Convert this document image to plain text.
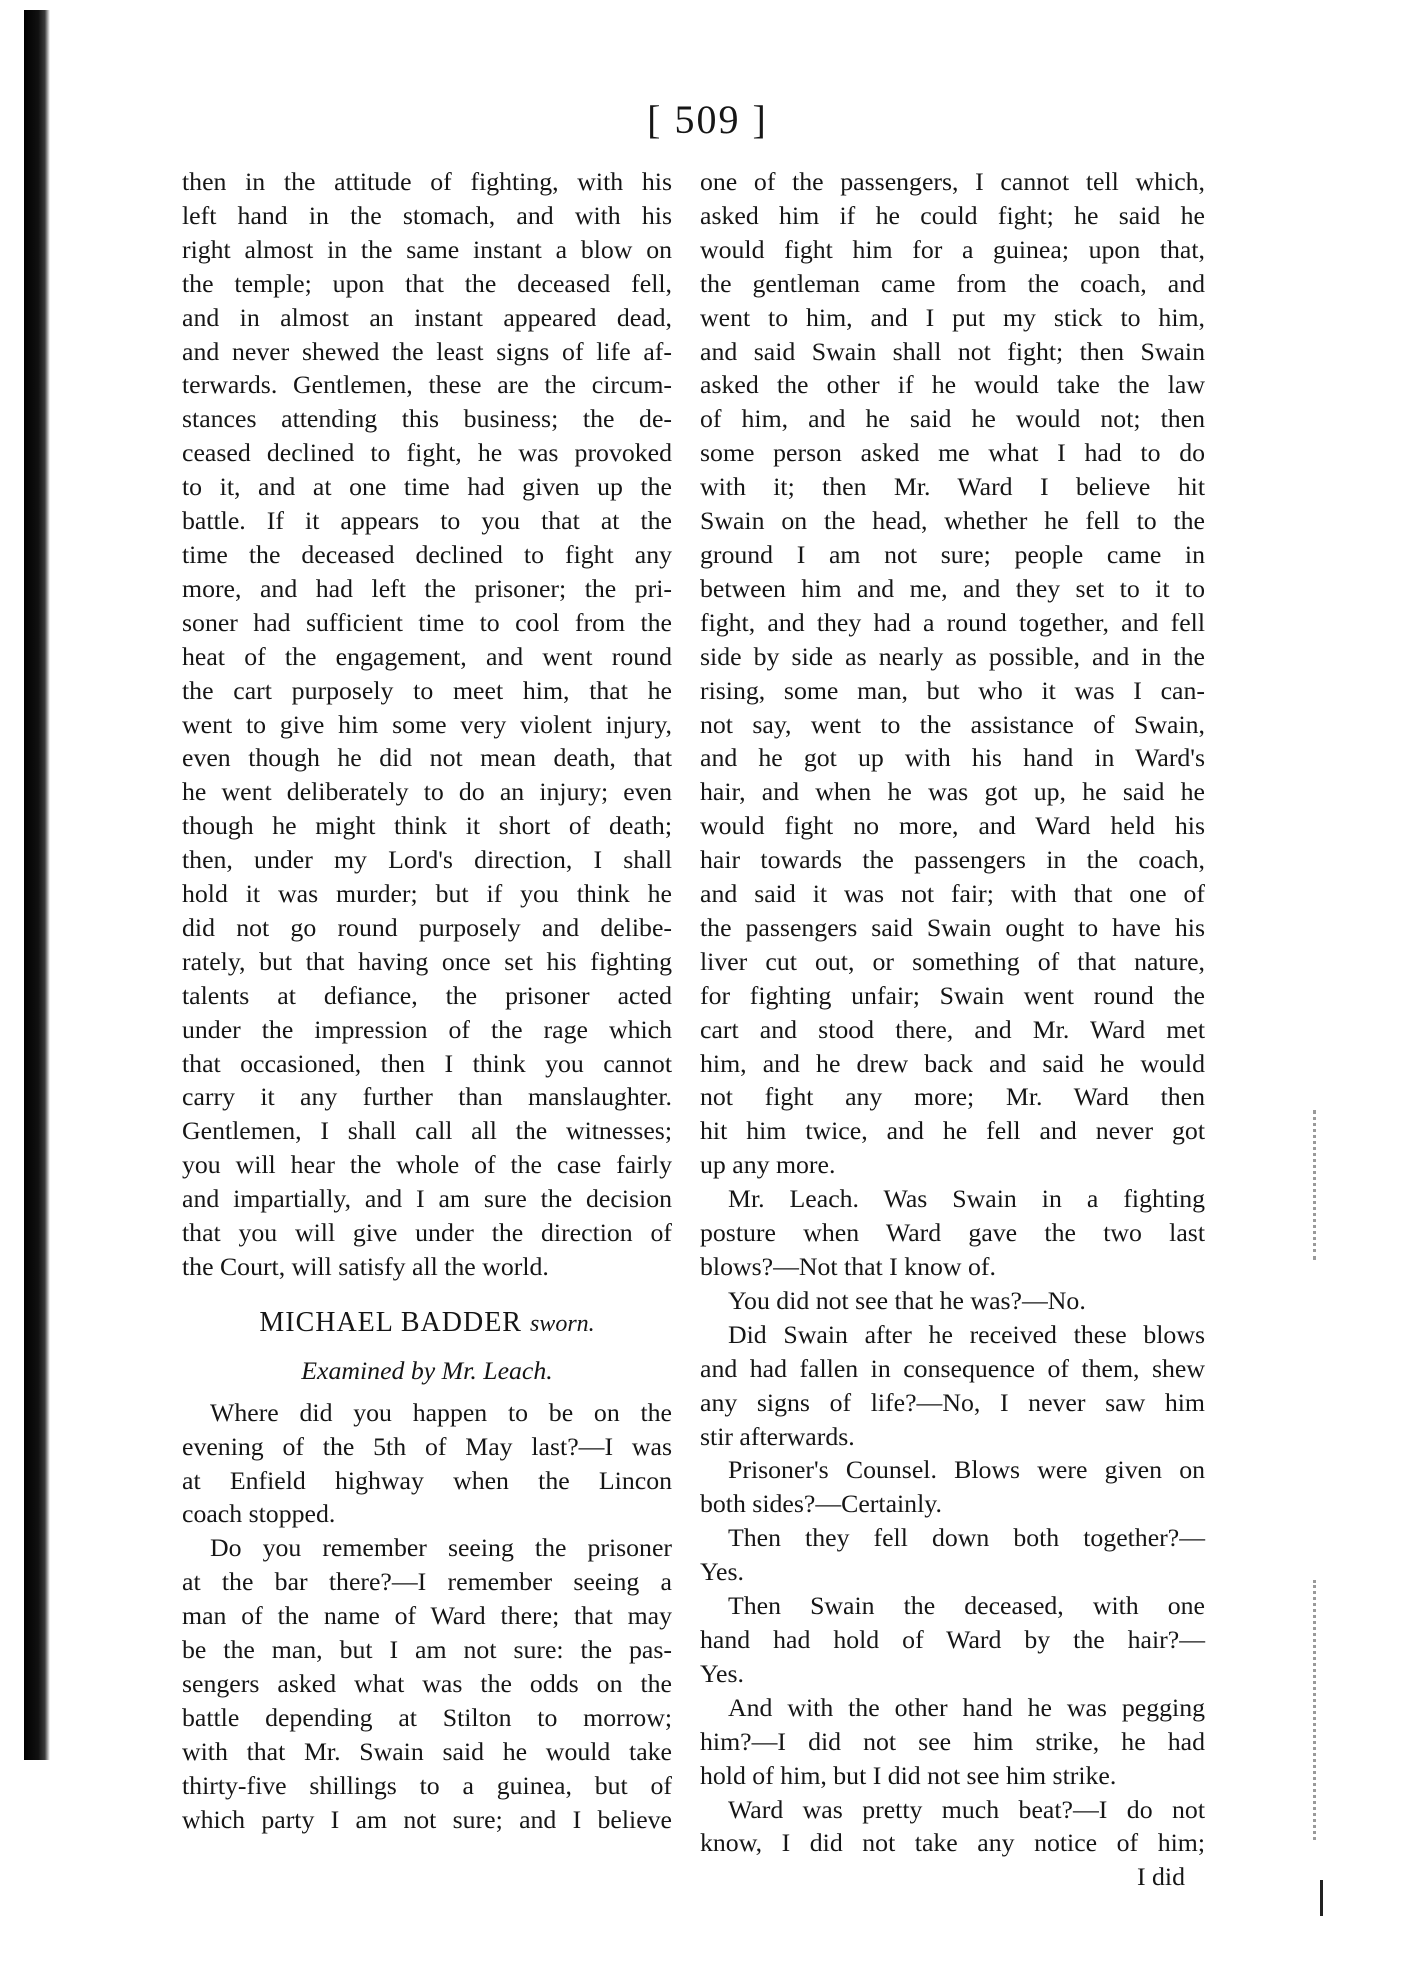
[ 509 ]
then in the attitude of fighting, with his
left hand in the stomach, and with his
right almost in the same instant a blow on
the temple; upon that the deceased fell,
and in almost an instant appeared dead,
and never shewed the least signs of life af-
terwards. Gentlemen, these are the circum-
stances attending this business; the de-
ceased declined to fight, he was provoked
to it, and at one time had given up the
battle. If it appears to you that at the
time the deceased declined to fight any
more, and had left the prisoner; the pri-
soner had sufficient time to cool from the
heat of the engagement, and went round
the cart purposely to meet him, that he
went to give him some very violent injury,
even though he did not mean death, that
he went deliberately to do an injury; even
though he might think it short of death;
then, under my Lord's direction, I shall
hold it was murder; but if you think he
did not go round purposely and delibe-
rately, but that having once set his fighting
talents at defiance, the prisoner acted
under the impression of the rage which
that occasioned, then I think you cannot
carry it any further than manslaughter.
Gentlemen, I shall call all the witnesses;
you will hear the whole of the case fairly
and impartially, and I am sure the decision
that you will give under the direction of
the Court, will satisfy all the world.
MICHAEL BADDER sworn.
Examined by Mr. Leach.
Where did you happen to be on the
evening of the 5th of May last?—I was
at Enfield highway when the Lincon
coach stopped.
Do you remember seeing the prisoner
at the bar there?—I remember seeing a
man of the name of Ward there; that may
be the man, but I am not sure: the pas-
sengers asked what was the odds on the
battle depending at Stilton to morrow;
with that Mr. Swain said he would take
thirty-five shillings to a guinea, but of
which party I am not sure; and I believe
one of the passengers, I cannot tell which,
asked him if he could fight; he said he
would fight him for a guinea; upon that,
the gentleman came from the coach, and
went to him, and I put my stick to him,
and said Swain shall not fight; then Swain
asked the other if he would take the law
of him, and he said he would not; then
some person asked me what I had to do
with it; then Mr. Ward I believe hit
Swain on the head, whether he fell to the
ground I am not sure; people came in
between him and me, and they set to it to
fight, and they had a round together, and fell
side by side as nearly as possible, and in the
rising, some man, but who it was I can-
not say, went to the assistance of Swain,
and he got up with his hand in Ward's
hair, and when he was got up, he said he
would fight no more, and Ward held his
hair towards the passengers in the coach,
and said it was not fair; with that one of
the passengers said Swain ought to have his
liver cut out, or something of that nature,
for fighting unfair; Swain went round the
cart and stood there, and Mr. Ward met
him, and he drew back and said he would
not fight any more; Mr. Ward then
hit him twice, and he fell and never got
up any more.
Mr. Leach. Was Swain in a fighting
posture when Ward gave the two last
blows?—Not that I know of.
You did not see that he was?—No.
Did Swain after he received these blows
and had fallen in consequence of them, shew
any signs of life?—No, I never saw him
stir afterwards.
Prisoner's Counsel. Blows were given on
both sides?—Certainly.
Then they fell down both together?—
Yes.
Then Swain the deceased, with one
hand had hold of Ward by the hair?—
Yes.
And with the other hand he was pegging
him?—I did not see him strike, he had
hold of him, but I did not see him strike.
Ward was pretty much beat?—I do not
know, I did not take any notice of him;
I did
